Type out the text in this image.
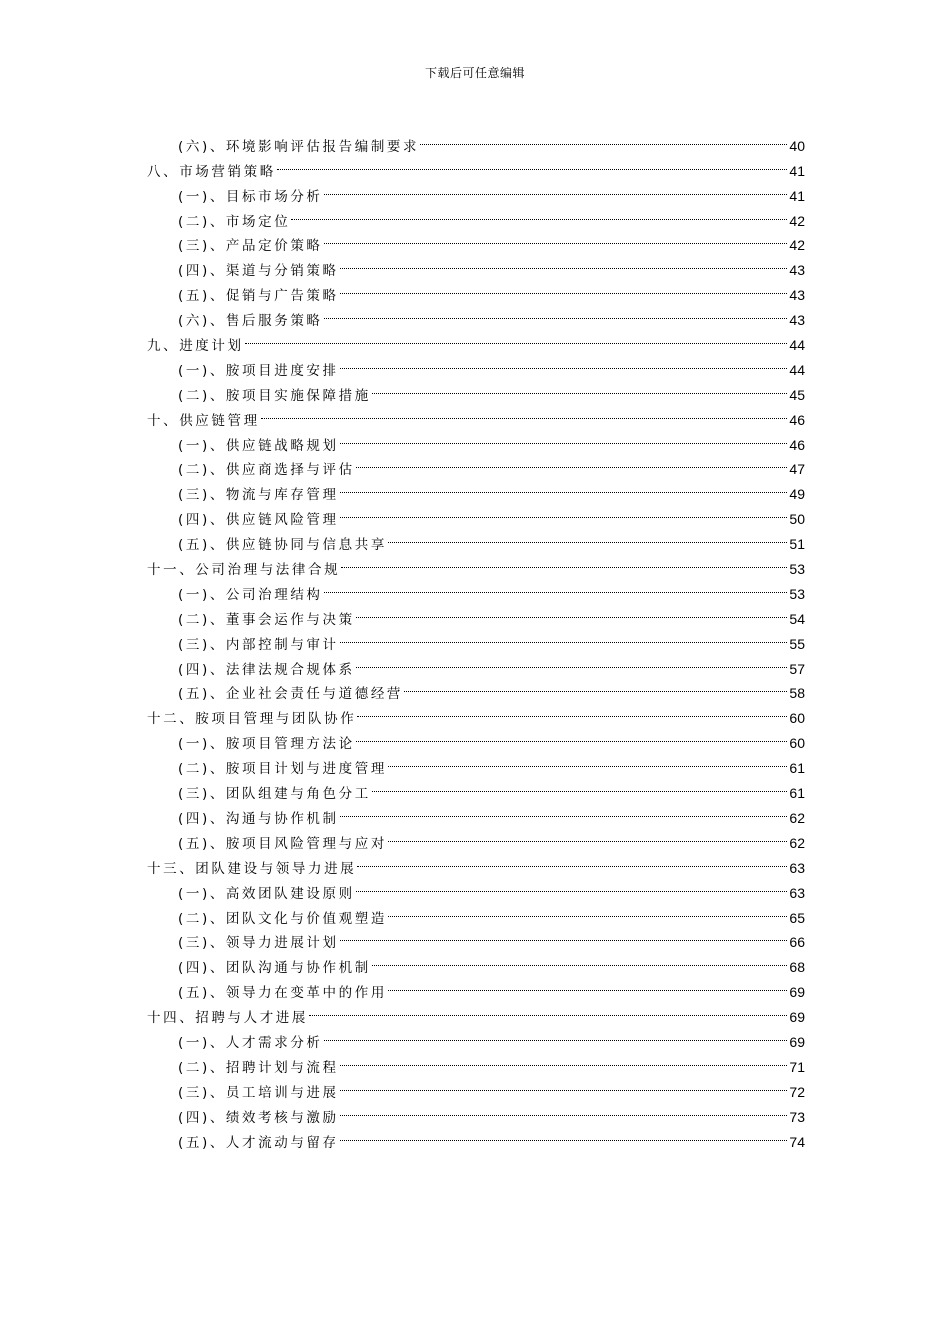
下载后可任意编辑
(六)、环境影响评估报告编制要求	40
八、市场营销策略	41
(一)、目标市场分析	41
(二)、市场定位	42
(三)、产品定价策略	42
(四)、渠道与分销策略	43
(五)、促销与广告策略	43
(六)、售后服务策略	43
九、进度计划	44
(一)、胺项目进度安排	44
(二)、胺项目实施保障措施	45
十、供应链管理	46
(一)、供应链战略规划	46
(二)、供应商选择与评估	47
(三)、物流与库存管理	49
(四)、供应链风险管理	50
(五)、供应链协同与信息共享	51
十一、公司治理与法律合规	53
(一)、公司治理结构	53
(二)、董事会运作与决策	54
(三)、内部控制与审计	55
(四)、法律法规合规体系	57
(五)、企业社会责任与道德经营	58
十二、胺项目管理与团队协作	60
(一)、胺项目管理方法论	60
(二)、胺项目计划与进度管理	61
(三)、团队组建与角色分工	61
(四)、沟通与协作机制	62
(五)、胺项目风险管理与应对	62
十三、团队建设与领导力进展	63
(一)、高效团队建设原则	63
(二)、团队文化与价值观塑造	65
(三)、领导力进展计划	66
(四)、团队沟通与协作机制	68
(五)、领导力在变革中的作用	69
十四、招聘与人才进展	69
(一)、人才需求分析	69
(二)、招聘计划与流程	71
(三)、员工培训与进展	72
(四)、绩效考核与激励	73
(五)、人才流动与留存	74
